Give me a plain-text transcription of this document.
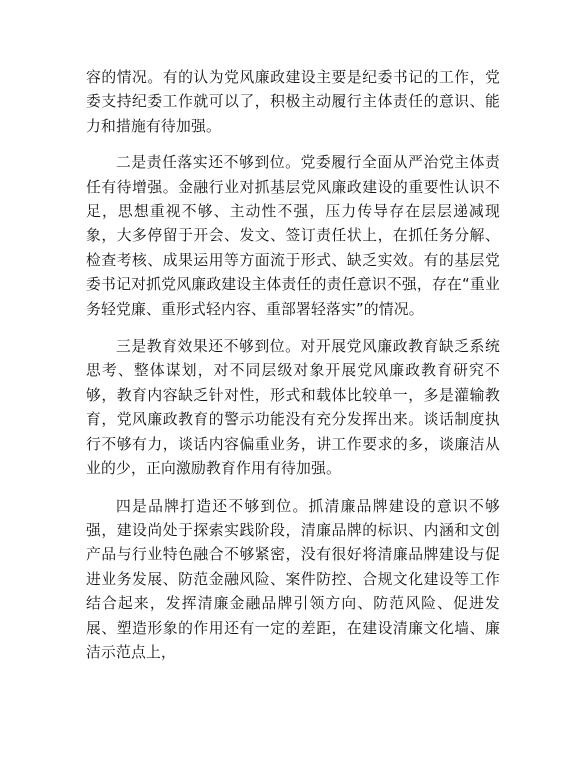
容的情况。有的认为党风廉政建设主要是纪委书记的工作，党委支持纪委工作就可以了，积极主动履行主体责任的意识、能力和措施有待加强。

二是责任落实还不够到位。党委履行全面从严治党主体责任有待增强。金融行业对抓基层党风廉政建设的重要性认识不足，思想重视不够、主动性不强，压力传导存在层层递减现象，大多停留于开会、发文、签订责任状上，在抓任务分解、检查考核、成果运用等方面流于形式、缺乏实效。有的基层党委书记对抓党风廉政建设主体责任的责任意识不强，存在“重业务轻党廉、重形式轻内容、重部署轻落实”的情况。

三是教育效果还不够到位。对开展党风廉政教育缺乏系统思考、整体谋划，对不同层级对象开展党风廉政教育研究不够，教育内容缺乏针对性，形式和载体比较单一，多是灌输教育，党风廉政教育的警示功能没有充分发挥出来。谈话制度执行不够有力，谈话内容偏重业务，讲工作要求的多，谈廉洁从业的少，正向激励教育作用有待加强。

四是品牌打造还不够到位。抓清廉品牌建设的意识不够强，建设尚处于探索实践阶段，清廉品牌的标识、内涵和文创产品与行业特色融合不够紧密，没有很好将清廉品牌建设与促进业务发展、防范金融风险、案件防控、合规文化建设等工作结合起来，发挥清廉金融品牌引领方向、防范风险、促进发展、塑造形象的作用还有一定的差距，在建设清廉文化墙、廉洁示范点上，
